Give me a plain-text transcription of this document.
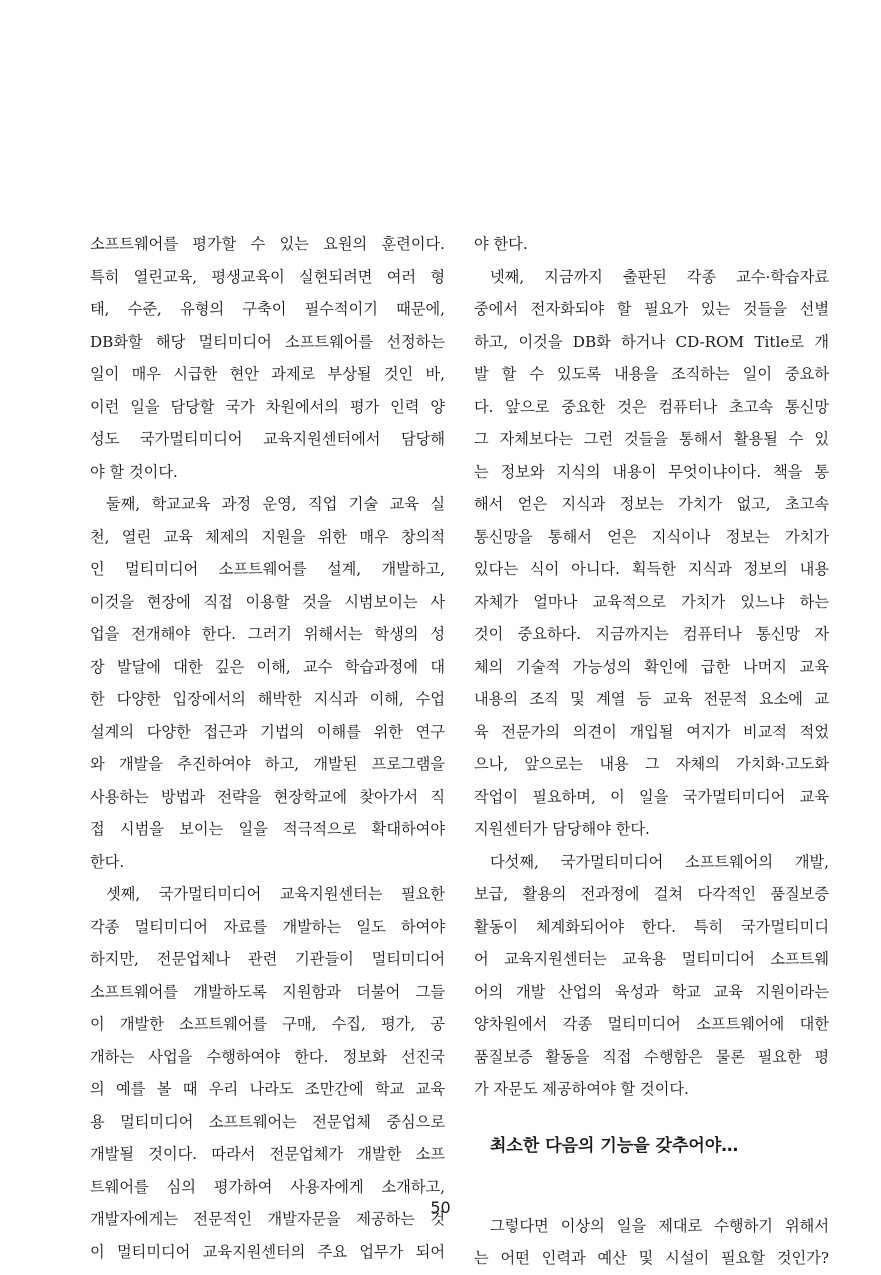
소프트웨어를 평가할 수 있는 요원의 훈련이다.
특히 열린교육, 평생교육이 실현되려면 여러 형
태, 수준, 유형의 구축이 필수적이기 때문에,
DB화할 해당 멀티미디어 소프트웨어를 선정하는
일이 매우 시급한 현안 과제로 부상될 것인 바,
이런 일을 담당할 국가 차원에서의 평가 인력 양
성도 국가멀티미디어 교육지원센터에서 담당해
야 할 것이다.
둘째, 학교교육 과정 운영, 직업 기술 교육 실
천, 열린 교육 체제의 지원을 위한 매우 창의적
인 멀티미디어 소프트웨어를 설계, 개발하고,
이것을 현장에 직접 이용할 것을 시범보이는 사
업을 전개해야 한다. 그러기 위해서는 학생의 성
장 발달에 대한 깊은 이해, 교수 학습과정에 대
한 다양한 입장에서의 해박한 지식과 이해, 수업
설계의 다양한 접근과 기법의 이해를 위한 연구
와 개발을 추진하여야 하고, 개발된 프로그램을
사용하는 방법과 전략을 현장학교에 찾아가서 직
접 시범을 보이는 일을 적극적으로 확대하여야
한다.
셋째, 국가멀티미디어 교육지원센터는 필요한
각종 멀티미디어 자료를 개발하는 일도 하여야
하지만, 전문업체나 관련 기관들이 멀티미디어
소프트웨어를 개발하도록 지원함과 더불어 그들
이 개발한 소프트웨어를 구매, 수집, 평가, 공
개하는 사업을 수행하여야 한다. 정보화 선진국
의 예를 볼 때 우리 나라도 조만간에 학교 교육
용 멀티미디어 소프트웨어는 전문업체 중심으로
개발될 것이다. 따라서 전문업체가 개발한 소프
트웨어를 심의 평가하여 사용자에게 소개하고,
개발자에게는 전문적인 개발자문을 제공하는 것
이 멀티미디어 교육지원센터의 주요 업무가 되어
야 한다.
넷째, 지금까지 출판된 각종 교수·학습자료
중에서 전자화되야 할 필요가 있는 것들을 선별
하고, 이것을 DB화 하거나 CD-ROM Title로 개
발 할 수 있도록 내용을 조직하는 일이 중요하
다. 앞으로 중요한 것은 컴퓨터나 초고속 통신망
그 자체보다는 그런 것들을 통해서 활용될 수 있
는 정보와 지식의 내용이 무엇이냐이다. 책을 통
해서 얻은 지식과 정보는 가치가 없고, 초고속
통신망을 통해서 얻은 지식이나 정보는 가치가
있다는 식이 아니다. 획득한 지식과 정보의 내용
자체가 얼마나 교육적으로 가치가 있느냐 하는
것이 중요하다. 지금까지는 컴퓨터나 통신망 자
체의 기술적 가능성의 확인에 급한 나머지 교육
내용의 조직 및 계열 등 교육 전문적 요소에 교
육 전문가의 의견이 개입될 여지가 비교적 적었
으나, 앞으로는 내용 그 자체의 가치화·고도화
작업이 필요하며, 이 일을 국가멀티미디어 교육
지원센터가 담당해야 한다.
다섯째, 국가멀티미디어 소프트웨어의 개발,
보급, 활용의 전과정에 걸쳐 다각적인 품질보증
활동이 체계화되어야 한다. 특히 국가멀티미디
어 교육지원센터는 교육용 멀티미디어 소프트웨
어의 개발 산업의 육성과 학교 교육 지원이라는
양차원에서 각종 멀티미디어 소프트웨어에 대한
품질보증 활동을 직접 수행함은 물론 필요한 평
가 자문도 제공하여야 할 것이다.
최소한 다음의 기능을 갖추어야…
그렇다면 이상의 일을 제대로 수행하기 위해서
는 어떤 인력과 예산 및 시설이 필요할 것인가?
50
